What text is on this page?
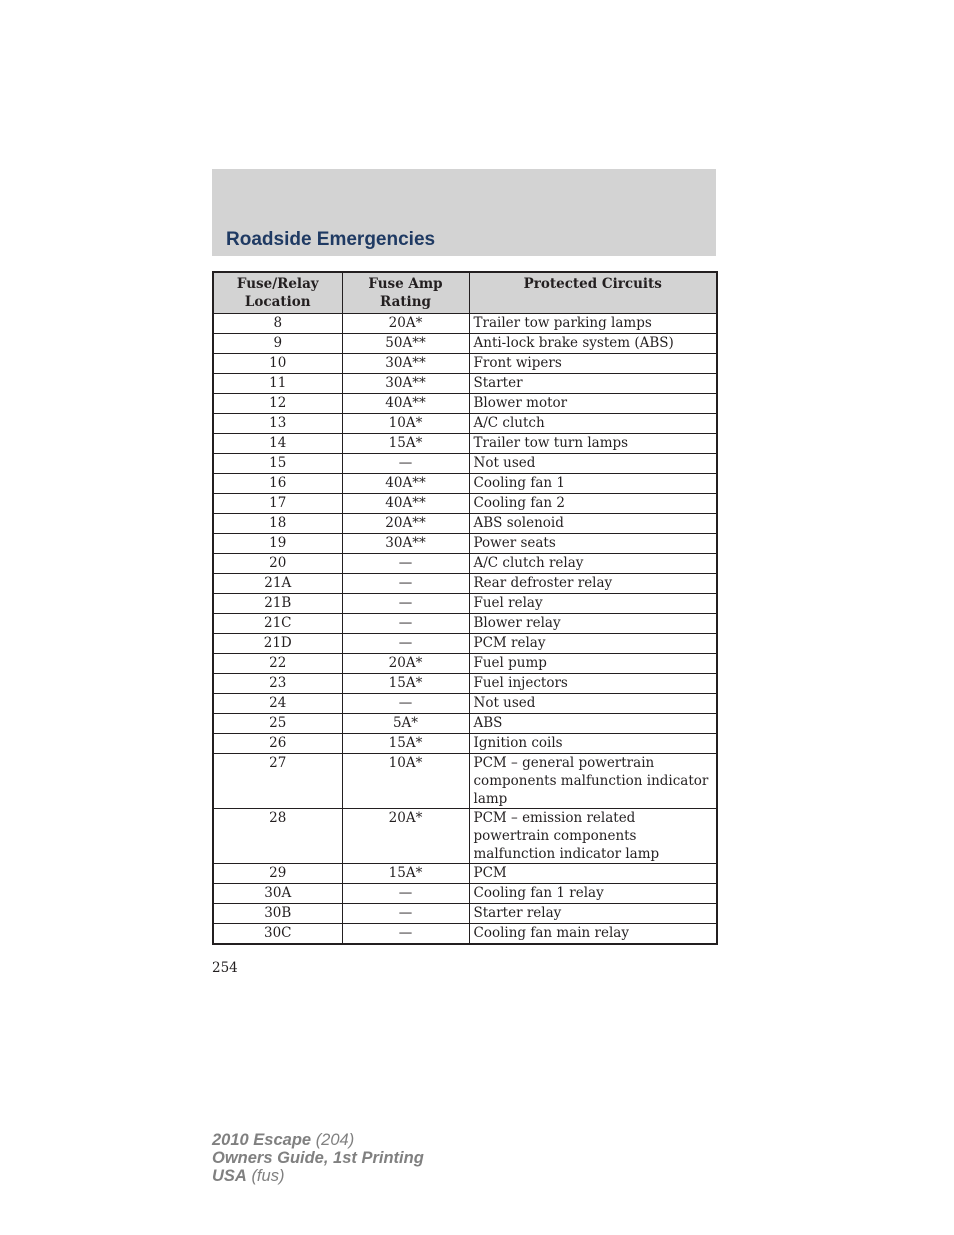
Roadside Emergencies
Fuse/Relay Location	Fuse Amp Rating	Protected Circuits
8	20A*	Trailer tow parking lamps
9	50A**	Anti-lock brake system (ABS)
10	30A**	Front wipers
11	30A**	Starter
12	40A**	Blower motor
13	10A*	A/C clutch
14	15A*	Trailer tow turn lamps
15	—	Not used
16	40A**	Cooling fan 1
17	40A**	Cooling fan 2
18	20A**	ABS solenoid
19	30A**	Power seats
20	—	A/C clutch relay
21A	—	Rear defroster relay
21B	—	Fuel relay
21C	—	Blower relay
21D	—	PCM relay
22	20A*	Fuel pump
23	15A*	Fuel injectors
24	—	Not used
25	5A*	ABS
26	15A*	Ignition coils
27	10A*	PCM – general powertrain components malfunction indicator lamp
28	20A*	PCM – emission related powertrain components malfunction indicator lamp
29	15A*	PCM
30A	—	Cooling fan 1 relay
30B	—	Starter relay
30C	—	Cooling fan main relay
254
2010 Escape (204)
Owners Guide, 1st Printing
USA (fus)
